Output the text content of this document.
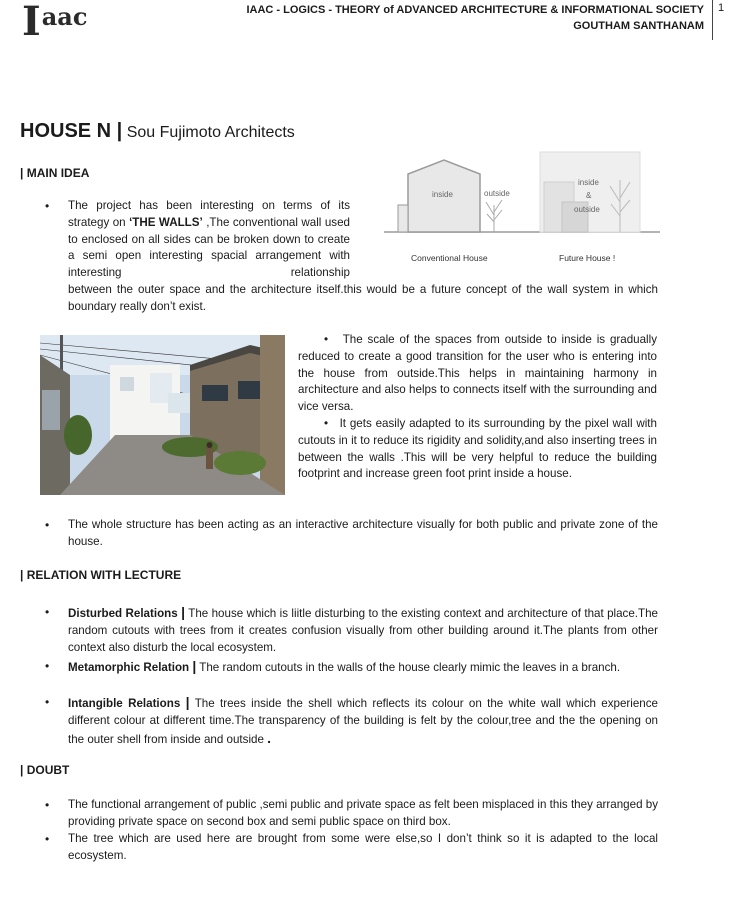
$I^{aac}$	IAAC - LOGICS - THEORY of ADVANCED ARCHITECTURE & INFORMATIONAL SOCIETY
GOUTHAM SANTHANAM
1
HOUSE N | Sou Fujimoto Architects
| MAIN IDEA
• The project has been interesting on terms of its strategy on ‘THE WALLS’ ,The conventional wall used to enclosed on all sides can be broken down to create a semi open interesting spacial arrangement with interesting relationship
between the outer space and the architecture itself.this would be a future concept of the wall system in which boundary really don’t exist.
inside	outside
inside
&
outside
Conventional House	Future House !
• The scale of the spaces from outside to inside is gradually reduced to create a good transition for the user who is entering into the house from outside.This helps in maintaining harmony in architecture and also helps to connects itself with the surrounding and vice versa.
• It gets easily adapted to its surrounding by the pixel wall with cutouts in it to reduce its rigidity and solidity,and also inserting trees in between the walls .This will be very helpful to reduce the building footprint and increase green foot print inside a house.
• The whole structure has been acting as an interactive architecture visually for both public and private zone of the house.
| RELATION WITH LECTURE
• Disturbed Relations | The house which is liitle disturbing to the existing context and architecture of that place.The random cutouts with trees from it creates confusion visually from other building around it.The plants from other context also disturb the local ecosystem.
• Metamorphic Relation | The random cutouts in the walls of the house clearly mimic the leaves in a branch.
• Intangible Relations | The trees inside the shell which reflects its colour on the white wall which experience different colour at different time.The transparency of the building is felt by the colour,tree and the the opening on the outer shell from inside and outside .
| DOUBT
• The functional arrangement of public ,semi public and private space as felt been misplaced in this they arranged by providing private space on second box and semi public space on third box.
• The tree which are used here are brought from some were else,so I don’t think so it is adapted to the local ecosystem.
